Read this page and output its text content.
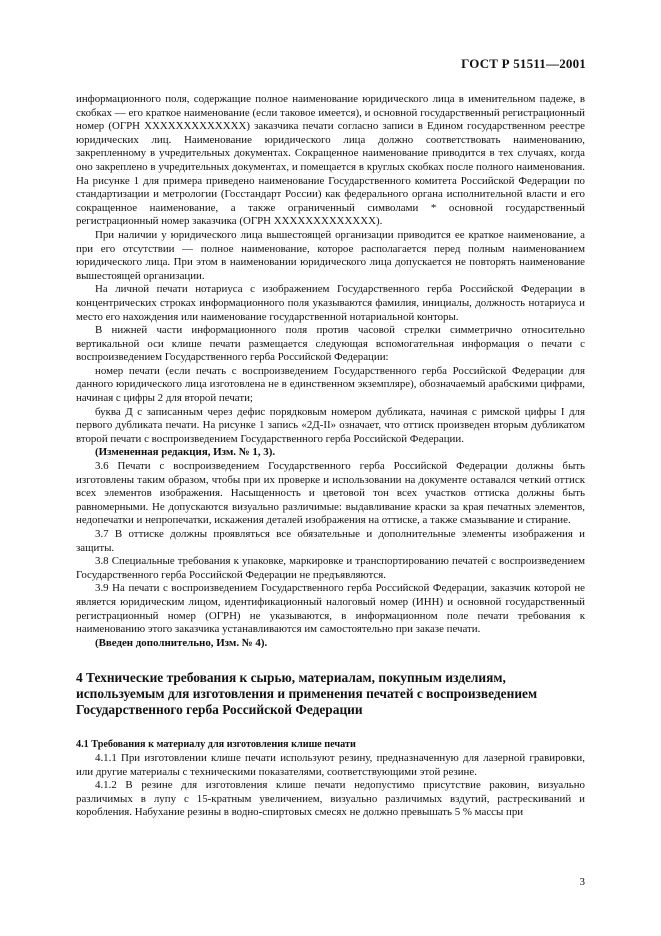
ГОСТ Р 51511—2001

информационного поля, содержащие полное наименование юридического лица в именительном падеже, в скобках — его краткое наименование (если таковое имеется), и основной государственный регистрационный номер (ОГРН ХХХХХХХХХХХХХ) заказчика печати согласно записи в Едином государственном реестре юридических лиц. Наименование юридического лица должно соответствовать наименованию, закрепленному в учредительных документах. Сокращенное наименование приводится в тех случаях, когда оно закреплено в учредительных документах, и помещается в круглых скобках после полного наименования. На рисунке 1 для примера приведено наименование Государственного комитета Российской Федерации по стандартизации и метрологии (Госстандарт России) как федерального органа исполнительной власти и его сокращенное наименование, а также ограниченный символами * основной государственный регистрационный номер заказчика (ОГРН ХХХХХХХХХХХХХ).

При наличии у юридического лица вышестоящей организации приводится ее краткое наименование, а при его отсутствии — полное наименование, которое располагается перед полным наименованием юридического лица. При этом в наименовании юридического лица допускается не повторять наименование вышестоящей организации.

На личной печати нотариуса с изображением Государственного герба Российской Федерации в концентрических строках информационного поля указываются фамилия, инициалы, должность нотариуса и место его нахождения или наименование государственной нотариальной конторы.

В нижней части информационного поля против часовой стрелки симметрично относительно вертикальной оси клише печати размещается следующая вспомогательная информация о печати с воспроизведением Государственного герба Российской Федерации:

номер печати (если печать с воспроизведением Государственного герба Российской Федерации для данного юридического лица изготовлена не в единственном экземпляре), обозначаемый арабскими цифрами, начиная с цифры 2 для второй печати;

буква Д с записанным через дефис порядковым номером дубликата, начиная с римской цифры I для первого дубликата печати. На рисунке 1 запись «2Д-II» означает, что оттиск произведен вторым дубликатом второй печати с воспроизведением Государственного герба Российской Федерации.

(Измененная редакция, Изм. № 1, 3).

3.6 Печати с воспроизведением Государственного герба Российской Федерации должны быть изготовлены таким образом, чтобы при их проверке и использовании на документе оставался четкий оттиск всех элементов изображения. Насыщенность и цветовой тон всех участков оттиска должны быть равномерными. Не допускаются визуально различимые: выдавливание краски за края печатных элементов, недопечатки и непропечатки, искажения деталей изображения на оттиске, а также смазывание и стирание.

3.7 В оттиске должны проявляться все обязательные и дополнительные элементы изображения и защиты.

3.8 Специальные требования к упаковке, маркировке и транспортированию печатей с воспроизведением Государственного герба Российской Федерации не предъявляются.

3.9 На печати с воспроизведением Государственного герба Российской Федерации, заказчик которой не является юридическим лицом, идентификационный налоговый номер (ИНН) и основной государственный регистрационный номер (ОГРН) не указываются, в информационном поле печати требования к наименованию этого заказчика устанавливаются им самостоятельно при заказе печати.

(Введен дополнительно, Изм. № 4).

4 Технические требования к сырью, материалам, покупным изделиям, используемым для изготовления и применения печатей с воспроизведением Государственного герба Российской Федерации

4.1 Требования к материалу для изготовления клише печати

4.1.1 При изготовлении клише печати используют резину, предназначенную для лазерной гравировки, или другие материалы с техническими показателями, соответствующими этой резине.

4.1.2 В резине для изготовления клише печати недопустимо присутствие раковин, визуально различимых в лупу с 15-кратным увеличением, визуально различимых вздутий, растрескиваний и коробления. Набухание резины в водно-спиртовых смесях не должно превышать 5 % массы при

3
